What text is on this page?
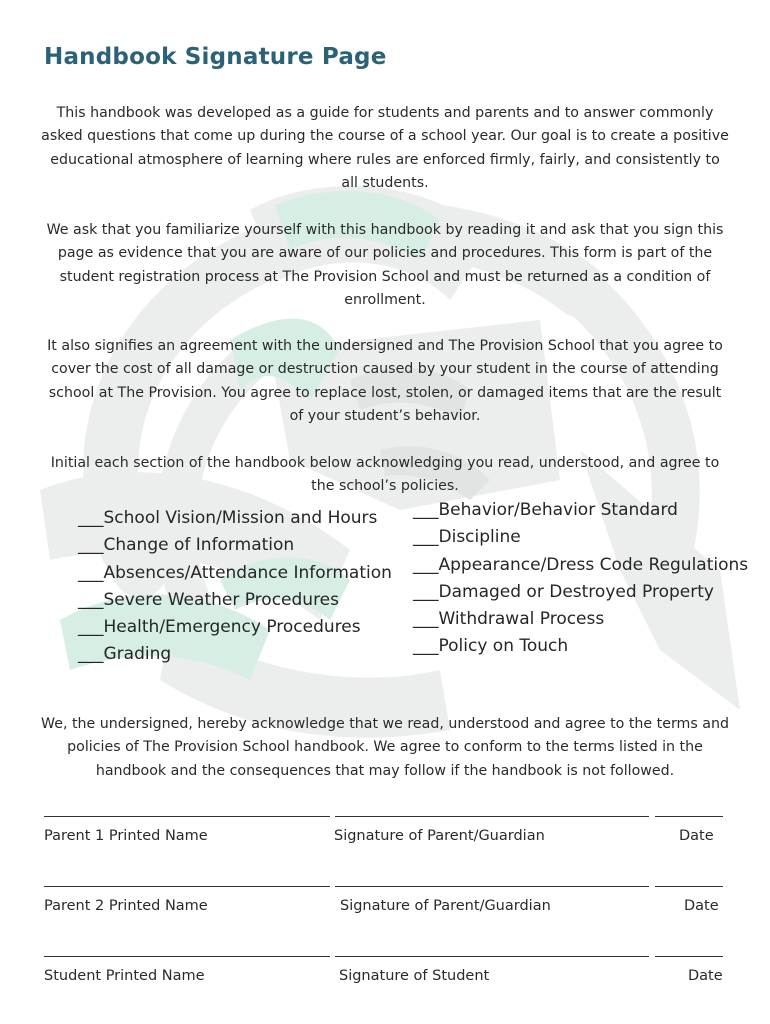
Handbook Signature Page
This handbook was developed as a guide for students and parents and to answer commonly asked questions that come up during the course of a school year. Our goal is to create a positive educational atmosphere of learning where rules are enforced firmly, fairly, and consistently to all students.
We ask that you familiarize yourself with this handbook by reading it and ask that you sign this page as evidence that you are aware of our policies and procedures. This form is part of the student registration process at The Provision School and must be returned as a condition of enrollment.
It also signifies an agreement with the undersigned and The Provision School that you agree to cover the cost of all damage or destruction caused by your student in the course of attending school at The Provision. You agree to replace lost, stolen, or damaged items that are the result of your student’s behavior.
Initial each section of the handbook below acknowledging you read, understood, and agree to the school’s policies.
___School Vision/Mission and Hours
___Change of Information
___Absences/Attendance Information
___Severe Weather Procedures
___Health/Emergency Procedures
___Grading
___Behavior/Behavior Standard
___Discipline
___Appearance/Dress Code Regulations
___Damaged or Destroyed Property
___Withdrawal Process
___Policy on Touch
We, the undersigned, hereby acknowledge that we read, understood and agree to the terms and policies of The Provision School handbook. We agree to conform to the terms listed in the handbook and the consequences that may follow if the handbook is not followed.
Parent 1 Printed Name	Signature of Parent/Guardian	Date
Parent 2 Printed Name	Signature of Parent/Guardian	Date
Student Printed Name	Signature of Student	Date
